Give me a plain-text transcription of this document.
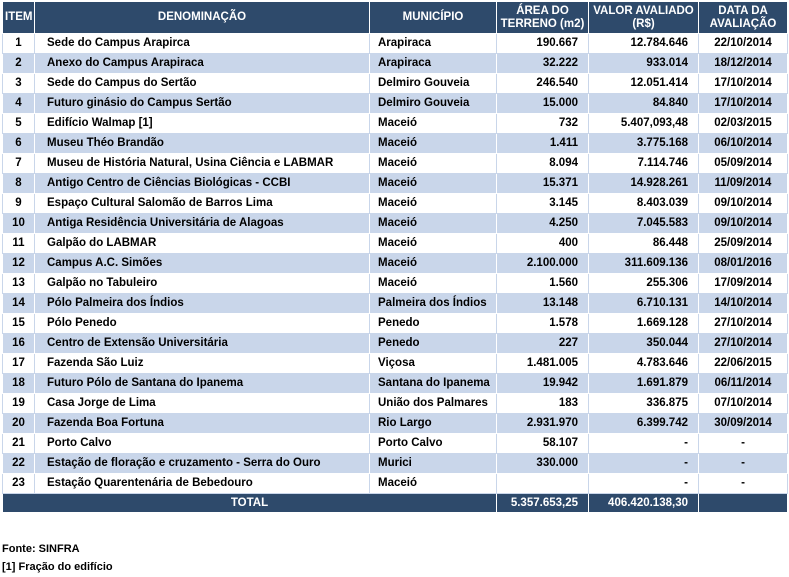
ITEM	DENOMINAÇÃO	MUNICÍPIO	ÁREA DO TERRENO (m2)	VALOR AVALIADO (R$)	DATA DA AVALIAÇÃO
1	Sede do Campus Arapirca	Arapiraca	190.667	12.784.646	22/10/2014
2	Anexo do Campus Arapiraca	Arapiraca	32.222	933.014	18/12/2014
3	Sede do Campus do Sertão	Delmiro Gouveia	246.540	12.051.414	17/10/2014
4	Futuro ginásio do Campus Sertão	Delmiro Gouveia	15.000	84.840	17/10/2014
5	Edifício Walmap [1]	Maceió	732	5.407,093,48	02/03/2015
6	Museu Théo Brandão	Maceió	1.411	3.775.168	06/10/2014
7	Museu de História Natural, Usina Ciência e LABMAR	Maceió	8.094	7.114.746	05/09/2014
8	Antigo Centro de Ciências Biológicas - CCBI	Maceió	15.371	14.928.261	11/09/2014
9	Espaço Cultural Salomão de Barros Lima	Maceió	3.145	8.403.039	09/10/2014
10	Antiga Residência Universitária de Alagoas	Maceió	4.250	7.045.583	09/10/2014
11	Galpão do LABMAR	Maceió	400	86.448	25/09/2014
12	Campus A.C. Simões	Maceió	2.100.000	311.609.136	08/01/2016
13	Galpão no Tabuleiro	Maceió	1.560	255.306	17/09/2014
14	Pólo Palmeira dos Índios	Palmeira dos Índios	13.148	6.710.131	14/10/2014
15	Pólo Penedo	Penedo	1.578	1.669.128	27/10/2014
16	Centro de Extensão Universitária	Penedo	227	350.044	27/10/2014
17	Fazenda São Luiz	Viçosa	1.481.005	4.783.646	22/06/2015
18	Futuro Pólo de Santana do Ipanema	Santana do Ipanema	19.942	1.691.879	06/11/2014
19	Casa Jorge de Lima	União dos Palmares	183	336.875	07/10/2014
20	Fazenda Boa Fortuna	Rio Largo	2.931.970	6.399.742	30/09/2014
21	Porto Calvo	Porto Calvo	58.107	-	-
22	Estação de floração e cruzamento - Serra do Ouro	Murici	330.000	-	-
23	Estação Quarentenária de Bebedouro	Maceió		-	-
TOTAL			5.357.653,25	406.420.138,30	
Fonte: SINFRA
[1] Fração do edifício
